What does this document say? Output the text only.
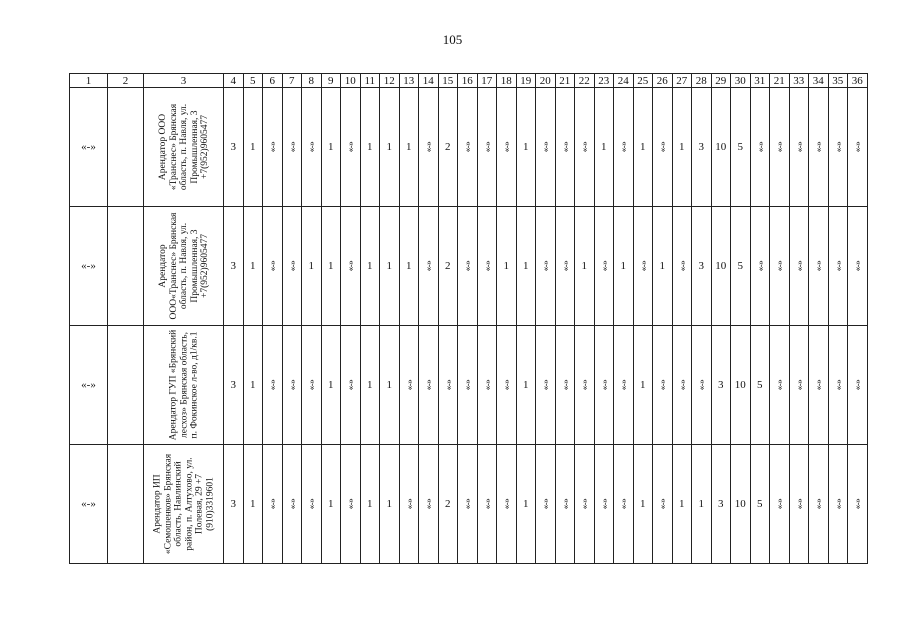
105
1	2	3	4	5	6	7	8	9	10	11	12	13	14	15	16	17	18	19	20	21	22	23	24	25	26	27	28	29	30	31	21	33	34	35	36
«-»		Арендатор ООО «Транснес» Брянская область, п. Навля, ул. Промышленная, 3 +7(952)9605477	3	1	«-»	«-»	«-»	1	«-»	1	1	1	«-»	2	«-»	«-»	«-»	1	«-»	«-»	«-»	1	«-»	1	«-»	1	3	10	5	«-»	«-»	«-»	«-»	«-»	«-»
«-»		Арендатор ООО«Транснес» Брянская область, п. Навля, ул. Промышленная, 3 +7(952)9605477	3	1	«-»	«-»	1	1	«-»	1	1	1	«-»	2	«-»	«-»	1	1	«-»	«-»	1	«-»	1	«-»	1	«-»	3	10	5	«-»	«-»	«-»	«-»	«-»	«-»
«-»		Арендатор ГУП «Брянский лесхоз» Брянская область, п. Фокинское л-во, д1/кв.1	3	1	«-»	«-»	«-»	1	«-»	1	1	«-»	«-»	«-»	«-»	«-»	«-»	1	«-»	«-»	«-»	«-»	«-»	1	«-»	«-»	«-»	3	10	5	«-»	«-»	«-»	«-»	«-»
«-»		Арендатор ИП «Семошенков» Брянская область, Навлинский район, п. Алтухово, ул. Полевая, 29 +7 (910)3319601	3	1	«-»	«-»	«-»	1	«-»	1	1	«-»	«-»	2	«-»	«-»	«-»	1	«-»	«-»	«-»	«-»	«-»	1	«-»	1	1	3	10	5	«-»	«-»	«-»	«-»	«-»
